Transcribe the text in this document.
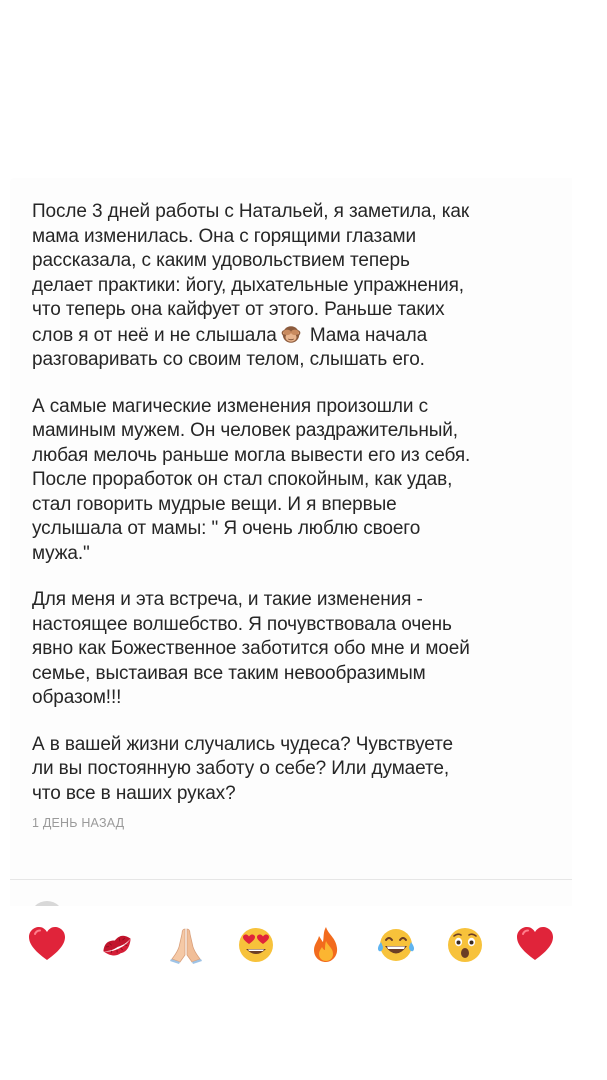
После 3 дней работы с Натальей, я заметила, как
мама изменилась. Она с горящими глазами
рассказала, с каким удовольствием теперь
делает практики: йогу, дыхательные упражнения,
что теперь она кайфует от этого. Раньше таких
слов я от неё и не слышала Мама начала
разговаривать со своим телом, слышать его.

А самые магические изменения произошли с
маминым мужем. Он человек раздражительный,
любая мелочь раньше могла вывести его из себя.
После проработок он стал спокойным, как удав,
стал говорить мудрые вещи. И я впервые
услышала от мамы: " Я очень люблю своего
мужа."

Для меня и эта встреча, и такие изменения -
настоящее волшебство. Я почувствовала очень
явно как Божественное заботится обо мне и моей
семье, выстаивая все таким невообразимым
образом!!!

А в вашей жизни случались чудеса? Чувствуете
ли вы постоянную заботу о себе? Или думаете,
что все в наших руках?

1 ДЕНЬ НАЗАД
